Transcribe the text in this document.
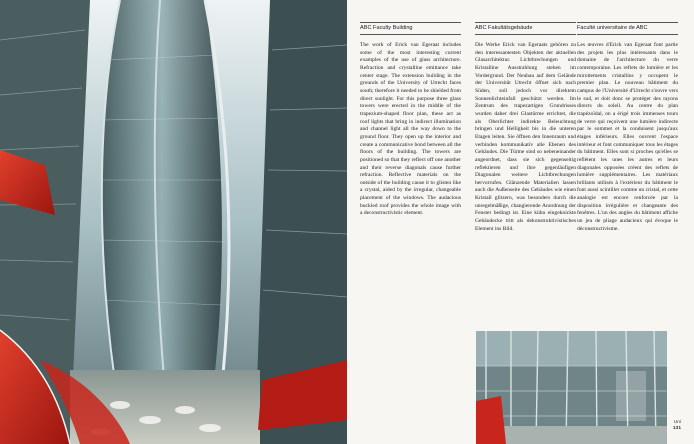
ABC Faculty Building
The work of Erick van Egeraat includes some of the most interesting current examples of the use of glass architecture. Refraction and crystalline emittance take center stage. The extension building in the grounds of the University of Utrecht faces south; therefore it needed to be shielded from direct sunlight. For this purpose three glass towers were erected in the middle of the trapezium-shaped floor plan, these act as roof lights that bring in indirect illumination and channel light all the way down to the ground floor. They open up the interior and create a communicative bond between all the floors of the building. The towers are positioned so that they reflect off one another and their reverse diagonals cause further refraction. Reflective materials on the outside of the building cause it to glisten like a crystal, aided by the irregular, changeable placement of the windows. The audacious buckled roof provides the whole image with a deconstructivistic element.
ABC Fakultätsgebäude
Die Werke Erick van Egeraats gehören zu den interessantesten Objekten der aktuellen Glasarchitektur. Lichtbrechungen und Kristalline Ausstrahlung stehen im Vordergrund. Der Neubau auf dem Gelände der Universität Utrecht öffnet sich nach Süden, soll jedoch vor direktem Sonnenlichteinfall geschützt werden. Im Zentrum des trapezartigen Grundrisses wurden daher drei Glastürme errichtet, die als Oberlichter indirekte Beleuchtung bringen und Helligkeit bis in die unteren Etagen leiten. Sie öffnen den Innenraum und verbinden kommunikativ alle Ebenen des Gebäudes. Die Türme sind so nebeneinander angeordnet, dass sie sich gegenseitig reflektieren und ihre gegenläufigen Diagonalen weitere Lichtbrechungen hervorrufen. Glänzende Materialien lassen auch die Außenseite des Gebäudes wie einen Kristall glitzern, was besonders durch die unregelmäßige, changierende Anordnung der Fenster bedingt ist. Eine kühn eingeknickte Gebäudecke tritt als dekonstruktivistisches Element ins Bild.
Faculté universitaire de ABC
Les œuvres d'Erick van Egeraat font partie des projets les plus intéressants dans le domaine de l'architecture du verre contemporaine. Les reflets de lumière et les miroitements cristallins y occupent le premier plan. Le nouveau bâtiment du campus de l'Université d'Utrecht s'ouvre vers le sud, et doit donc se protéger des rayons directs du soleil. Au centre du plan trapézoïdal, on a érigé trois immenses tours de verre qui reçoivent une lumière indirecte par le sommet et la conduisent jusqu'aux étages inférieurs. Elles ouvrent l'espace intérieur et font communiquer tous les étages du bâtiment. Elles sont si proches qu'elles se reflètent les unes les autres et leurs diagonales opposées créent des reflets de lumière supplémentaires. Les matériaux brillants utilisés à l'extérieur du bâtiment le font aussi scintiller comme un cristal, et cette analogie est encore renforcée par la disposition irrégulière et changeante des fenêtres. L'un des angles du bâtiment affiche un jeu de pliage audacieux qui évoque le déconstructivisme.
Uni
131
